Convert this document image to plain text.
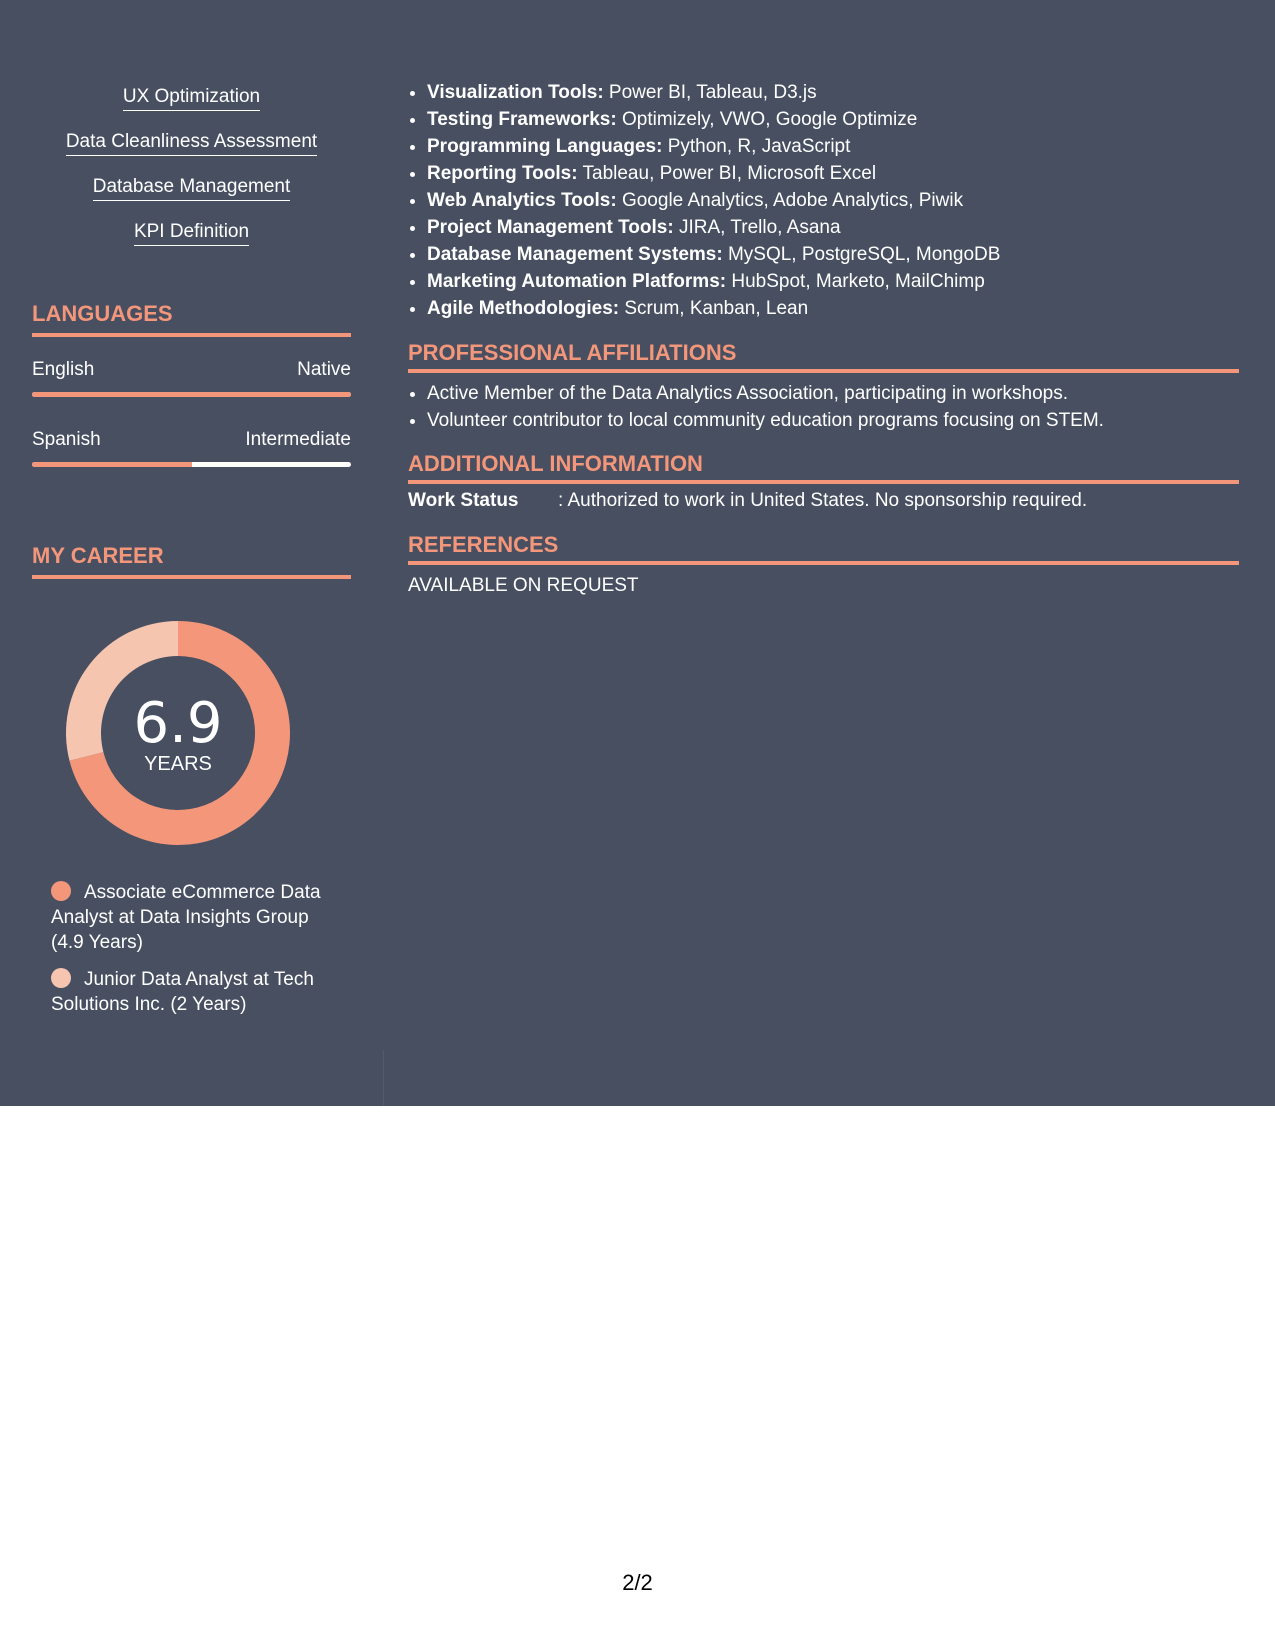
UX Optimization
Data Cleanliness Assessment
Database Management
KPI Definition
LANGUAGES
English	Native
Spanish	Intermediate
MY CAREER
6.9
YEARS
Associate eCommerce Data Analyst at Data Insights Group (4.9 Years)
Junior Data Analyst at Tech Solutions Inc. (2 Years)
• Visualization Tools: Power BI, Tableau, D3.js
• Testing Frameworks: Optimizely, VWO, Google Optimize
• Programming Languages: Python, R, JavaScript
• Reporting Tools: Tableau, Power BI, Microsoft Excel
• Web Analytics Tools: Google Analytics, Adobe Analytics, Piwik
• Project Management Tools: JIRA, Trello, Asana
• Database Management Systems: MySQL, PostgreSQL, MongoDB
• Marketing Automation Platforms: HubSpot, Marketo, MailChimp
• Agile Methodologies: Scrum, Kanban, Lean
PROFESSIONAL AFFILIATIONS
• Active Member of the Data Analytics Association, participating in workshops.
• Volunteer contributor to local community education programs focusing on STEM.
ADDITIONAL INFORMATION
Work Status : Authorized to work in United States. No sponsorship required.
REFERENCES
AVAILABLE ON REQUEST
2/2
